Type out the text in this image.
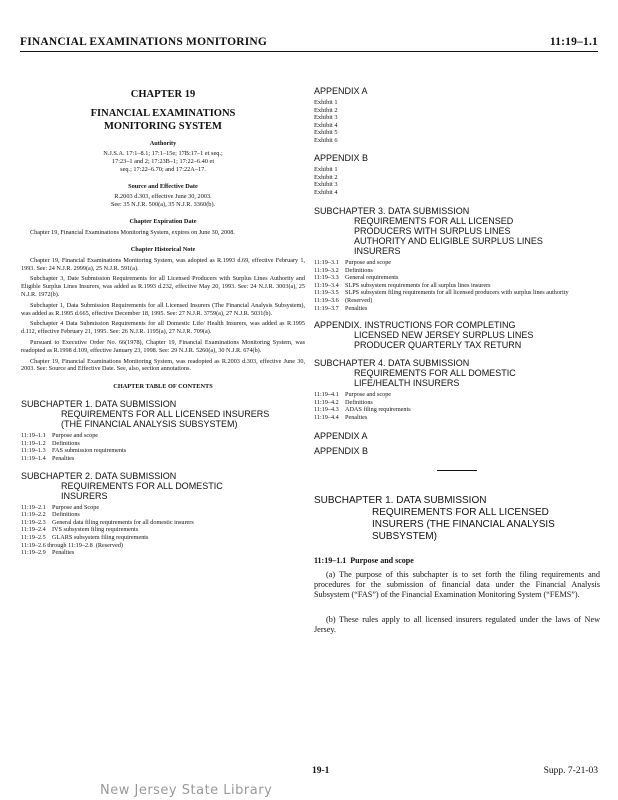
FINANCIAL EXAMINATIONS MONITORING	11:19–1.1
CHAPTER 19
FINANCIAL EXAMINATIONS
MONITORING SYSTEM
Authority
N.J.S.A. 17:1–8.1; 17:1–15e; 17B:17–1 et seq.;
17:23–1 and 2; 17:23B–1; 17:22–6.40 et
seq.; 17:22–6.70; and 17:22A–17.
Source and Effective Date
R.2003 d.303, effective June 30, 2003.
See: 35 N.J.R. 500(a), 35 N.J.R. 3360(b).
Chapter Expiration Date

Chapter 19, Financial Examinations Monitoring System, expires on June 30, 2008.

Chapter Historical Note

Chapter 19, Financial Examinations Monitoring System, was adopted as R.1993 d.69, effective February 1, 1993. See: 24 N.J.R. 2999(a), 25 N.J.R. 591(a).

Subchapter 3, Date Submission Requirements for all Licensed Producers with Surplus Lines Authority and Eligible Surplus Lines Insurers, was added as R.1993 d.232, effective May 20, 1993. See: 24 N.J.R. 3003(a), 25 N.J.R. 1972(b).

Subchapter 1, Data Submission Requirements for all Licensed Insurers (The Financial Analysis Subsystem), was added as R.1995 d.665, effective December 18, 1995. See: 27 N.J.R. 3759(a), 27 N.J.R. 5031(b).

Subchapter 4 Data Submission Requirements for all Domestic Life/ Health Insurers, was added as R.1995 d.112, effective February 21, 1995. See: 26 N.J.R. 1195(a), 27 N.J.R. 709(a).

Pursuant to Executive Order No. 66(1978), Chapter 19, Financial Examinations Monitoring System, was readopted as R.1998 d.109, effective January 23, 1998. See: 29 N.J.R. 5260(a), 30 N.J.R. 674(b).

Chapter 19, Financial Examinations Monitoring System, was readopted as R.2003 d.303, effective June 30, 2003. See: Source and Effective Date. See, also, section annotations.

CHAPTER TABLE OF CONTENTS
SUBCHAPTER 1. DATA SUBMISSION
REQUIREMENTS FOR ALL LICENSED INSURERS
(THE FINANCIAL ANALYSIS SUBSYSTEM)
11:19–1.1	Purpose and scope
11:19–1.2	Definitions
11:19–1.3	FAS submission requirements
11:19–1.4	Penalties
SUBCHAPTER 2. DATA SUBMISSION
REQUIREMENTS FOR ALL DOMESTIC
INSURERS
11:19–2.1	Purpose and Scope
11:19–2.2	Definitions
11:19–2.3	General data filing requirements for all domestic insurers
11:19–2.4	IVS subsystem filing requirements
11:19–2.5	GLARS subsystem filing requirements
11:19–2.6 through 11:19–2.8
(Reserved)
11:19–2.9	Penalties
APPENDIX A
Exhibit 1
Exhibit 2
Exhibit 3
Exhibit 4
Exhibit 5
Exhibit 6
APPENDIX B
Exhibit 1
Exhibit 2
Exhibit 3
Exhibit 4
SUBCHAPTER 3. DATA SUBMISSION
REQUIREMENTS FOR ALL LICENSED
PRODUCERS WITH SURPLUS LINES
AUTHORITY AND ELIGIBLE SURPLUS LINES
INSURERS
11:19–3.1	Purpose and scope
11:19–3.2	Definitions
11:19–3.3	General requirements
11:19–3.4	SLPS subsystem requirements for all surplus lines insurers
11:19–3.5	SLPS subsystem filing requirements for all licensed producers with surplus lines authority
11:19–3.6	(Reserved)
11:19–3.7	Penalties
APPENDIX. INSTRUCTIONS FOR COMPLETING
LICENSED NEW JERSEY SURPLUS LINES
PRODUCER QUARTERLY TAX RETURN
SUBCHAPTER 4. DATA SUBMISSION
REQUIREMENTS FOR ALL DOMESTIC
LIFE/HEALTH INSURERS
11:19–4.1	Purpose and scope
11:19–4.2	Definitions
11:19–4.3	ADAS filing requirements
11:19–4.4	Penalties
APPENDIX A
APPENDIX B
SUBCHAPTER 1. DATA SUBMISSION
REQUIREMENTS FOR ALL LICENSED
INSURERS (THE FINANCIAL ANALYSIS
SUBSYSTEM)
11:19–1.1 Purpose and scope

(a) The purpose of this subchapter is to set forth the filing requirements and procedures for the submission of financial data under the Financial Analysis Subsystem (“FAS”) of the Financial Examination Monitoring System (“FEMS”).

(b) These rules apply to all licensed insurers regulated under the laws of New Jersey.

19-1	Supp. 7-21-03
New Jersey State Library
